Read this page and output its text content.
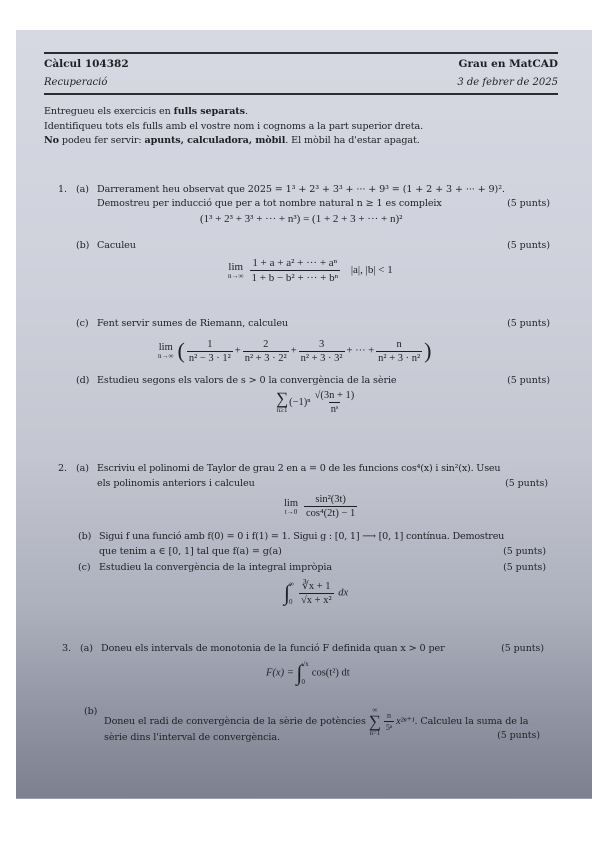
Càlcul 104382	Grau en MatCAD
Recuperació	3 de febrer de 2025
Entregueu els exercicis en fulls separats.
Identifiqueu tots els fulls amb el vostre nom i cognoms a la part superior dreta.
No podeu fer servir: apunts, calculadora, mòbil. El mòbil ha d'estar apagat.
1. (a) Darrerament heu observat que 2025 = 1³ + 2³ + 3³ + ··· + 9³ = (1 + 2 + 3 + ··· + 9)².
Demostreu per inducció que per a tot nombre natural n ≥ 1 es compleix	(5 punts)
(1³ + 2³ + 3³ + ··· + n³) = (1 + 2 + 3 + ··· + n)²
(b) Caculeu	(5 punts)
lim
$n\to\infty \frac{\text{1 + a + a² + ··· + aⁿ}}{\text{1 + b − b² + ··· + bⁿ}} |a|$, |b| < 1
(c) Fent servir sumes de Riemann, calculeu	(5 punts)
lim
n→∞ ( $\frac{1}{\text{n² − 3 · 1²}} + \frac{2}{\text{n² + 3 · 2²}} + \frac{3}{\text{n² + 3 · 3²}}$ + ··· + $\frac{n}{\text{n² + 3 · n²}}$ )
(d) Estudieu segons els valors de s > 0 la convergència de la sèrie	(5 punts)
∑
n≥1
$(-1)^n \frac{√(3n + 1)}{\text{nˢ}}$
2. (a) Escriviu el polinomi de Taylor de grau 2 en a = 0 de les funcions cos⁴(x) i sin²(x). Useu
els polinomis anteriors i calculeu	(5 punts)
lim
$t\to 0 \frac{\text{sin²(3t)}}{\text{cos⁴(2t) − 1}}$
(b) Sigui f una funció amb f(0) = 0 i f(1) = 1. Sigui g : [0, 1] ⟶ [0, 1] contínua. Demostreu
que tenim a ∈ [0, 1] tal que f(a) = g(a)	(5 punts)
(c) Estudieu la convergència de la integral impròpia	(5 punts)
∫ ∞
$0 \frac{∛x + 1}{\text{√x + x²}}$ dx
3. (a) Doneu els intervals de monotonia de la funció F definida quan x > 0 per	(5 punts)
F(x) = ∫ √x
0
cos(t²) dt
(b)
Doneu el radi de convergència de la sèrie de potències
∞
∑
n=1
$\frac{n}{\text{5ⁿ}} x^{2n+1}$. Calculeu la suma de la
sèrie dins l'interval de convergència.	(5 punts)
